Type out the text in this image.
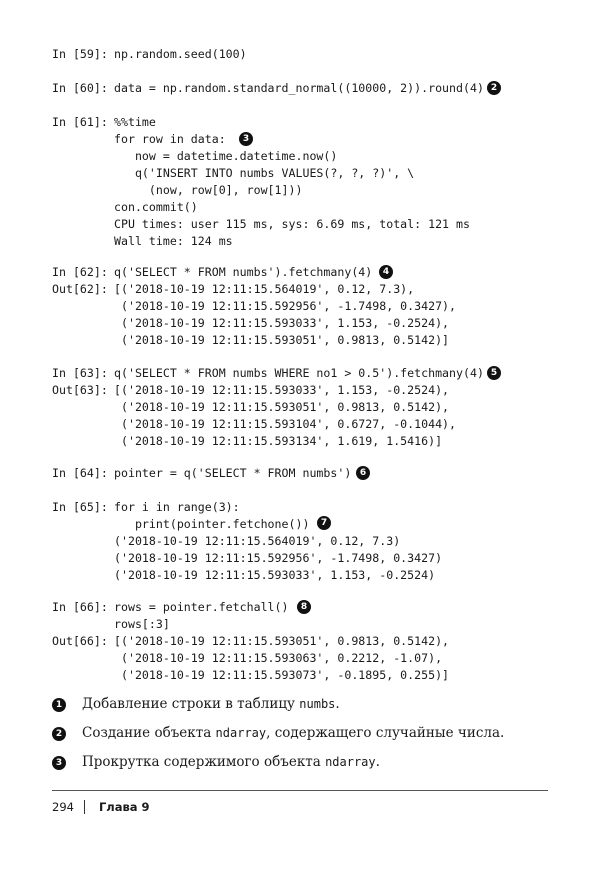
In [59]: np.random.seed(100)
In [60]: data = np.random.standard_normal((10000, 2)).round(4) 2
In [61]: %%time
for row in data:
now = datetime.datetime.now()
q('INSERT INTO numbs VALUES(?, ?, ?)', \
(now, row[0], row[1]))
con.commit()
CPU times: user 115 ms, sys: 6.69 ms, total: 121 ms
Wall time: 124 ms
3
In [62]: q('SELECT * FROM numbs').fetchmany(4)
Out[62]: [('2018-10-19 12:11:15.564019', 0.12, 7.3),
('2018-10-19 12:11:15.592956', -1.7498, 0.3427),
('2018-10-19 12:11:15.593033', 1.153, -0.2524),
('2018-10-19 12:11:15.593051', 0.9813, 0.5142)]
4
In [63]: q('SELECT * FROM numbs WHERE no1 > 0.5').fetchmany(4)
Out[63]: [('2018-10-19 12:11:15.593033', 1.153, -0.2524),
('2018-10-19 12:11:15.593051', 0.9813, 0.5142),
('2018-10-19 12:11:15.593104', 0.6727, -0.1044),
('2018-10-19 12:11:15.593134', 1.619, 1.5416)]
5
In [64]: pointer = q('SELECT * FROM numbs') 6
In [65]: for i in range(3):
print(pointer.fetchone())
('2018-10-19 12:11:15.564019', 0.12, 7.3)
('2018-10-19 12:11:15.592956', -1.7498, 0.3427)
('2018-10-19 12:11:15.593033', 1.153, -0.2524)
7
In [66]: rows = pointer.fetchall()
rows[:3]
Out[66]: [('2018-10-19 12:11:15.593051', 0.9813, 0.5142),
('2018-10-19 12:11:15.593063', 0.2212, -1.07),
('2018-10-19 12:11:15.593073', -0.1895, 0.255)]
8
1 Добавление строки в таблицу numbs.
2 Создание объекта ndarray, содержащего случайные числа.
3 Прокрутка содержимого объекта ndarray.
294 Глава 9
